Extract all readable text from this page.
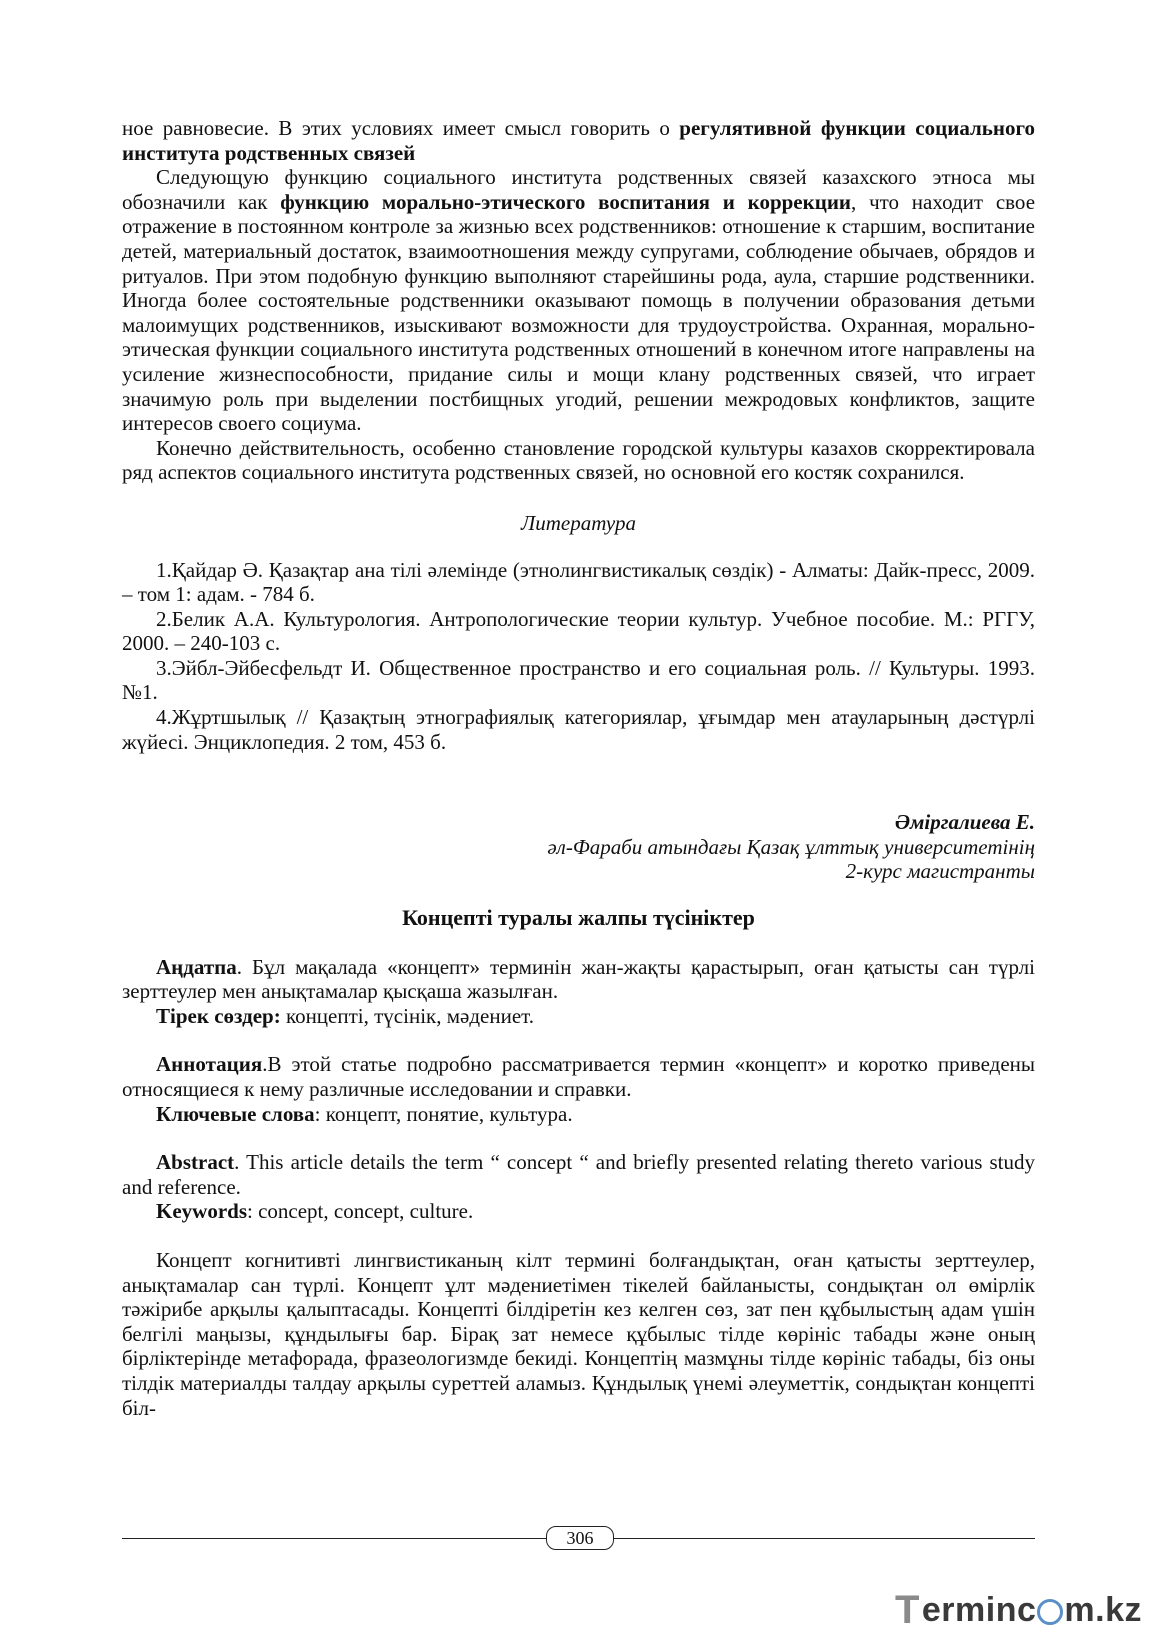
ное равновесие. В этих условиях имеет смысл говорить о регулятивной функции социального института родственных связей

Следующую функцию социального института родственных связей казахского этноса мы обозначили как функцию морально-этического воспитания и коррекции, что находит свое отражение в постоянном контроле за жизнью всех родственников: отношение к старшим, воспитание детей, материальный достаток, взаимоотношения между супругами, соблюдение обычаев, обрядов и ритуалов. При этом подобную функцию выполняют старейшины рода, аула, старшие родственники. Иногда более состоятельные родственники оказывают помощь в получении образования детьми малоимущих родственников, изыскивают возможности для трудоустройства. Охранная, морально-этическая функции социального института родственных отношений в конечном итоге направлены на усиление жизнеспособности, придание силы и мощи клану родственных связей, что играет значимую роль при выделении постбищных угодий, решении межродовых конфликтов, защите интересов своего социума.

Конечно действительность, особенно становление городской культуры казахов скорректировала ряд аспектов социального института родственных связей, но основной его костяк сохранился.

Литература

1.Қайдар Ә. Қазақтар ана тілі әлемінде (этнолингвистикалық сөздік) - Алматы: Дайк-пресс, 2009. – том 1: адам. - 784 б.

2.Белик А.А. Культурология. Антропологические теории культур. Учебное пособие. М.: РГГУ, 2000. – 240-103 с.

3.Эйбл-Эйбесфельдт И. Общественное пространство и его социальная роль. // Культуры. 1993. №1.

4.Жұртшылық // Қазақтың этнографиялық категориялар, ұғымдар мен атауларының дәстүрлі жүйесі. Энциклопедия. 2 том, 453 б.

Әміргалиева Е.
әл-Фараби атындағы Қазақ ұлттық университетінің
2-курс магистранты
Концепті туралы жалпы түсініктер

Аңдатпа. Бұл мақалада «концепт» терминін жан-жақты қарастырып, оған қатысты сан түрлі зерттеулер мен анықтамалар қысқаша жазылған.

Тірек сөздер: концепті, түсінік, мәдениет.

Аннотация.В этой статье подробно рассматривается термин «концепт» и коротко приведены относящиеся к нему различные исследовании и справки.

Ключевые слова: концепт, понятие, культура.

Abstract. This article details the term “ concept “ and briefly presented relating thereto various study and reference.

Keywords: concept, concept, culture.

Концепт когнитивті лингвистиканың кілт термині болғандықтан, оған қатысты зерттеулер, анықтамалар сан түрлі. Концепт ұлт мәдениетімен тікелей байланысты, сондықтан ол өмірлік тәжірибе арқылы қалыптасады. Концепті білдіретін кез келген сөз, зат пен құбылыстың адам үшін белгілі маңызы, құндылығы бар. Бірақ зат немесе құбылыс тілде көрініс табады және оның бірліктерінде метафорада, фразеологизмде бекиді. Концептің мазмұны тілде көрініс табады, біз оны тілдік материалды талдау арқылы суреттей аламыз. Құндылық үнемі әлеуметтік, сондықтан концепті біл-

306
T ermin c m.kz
